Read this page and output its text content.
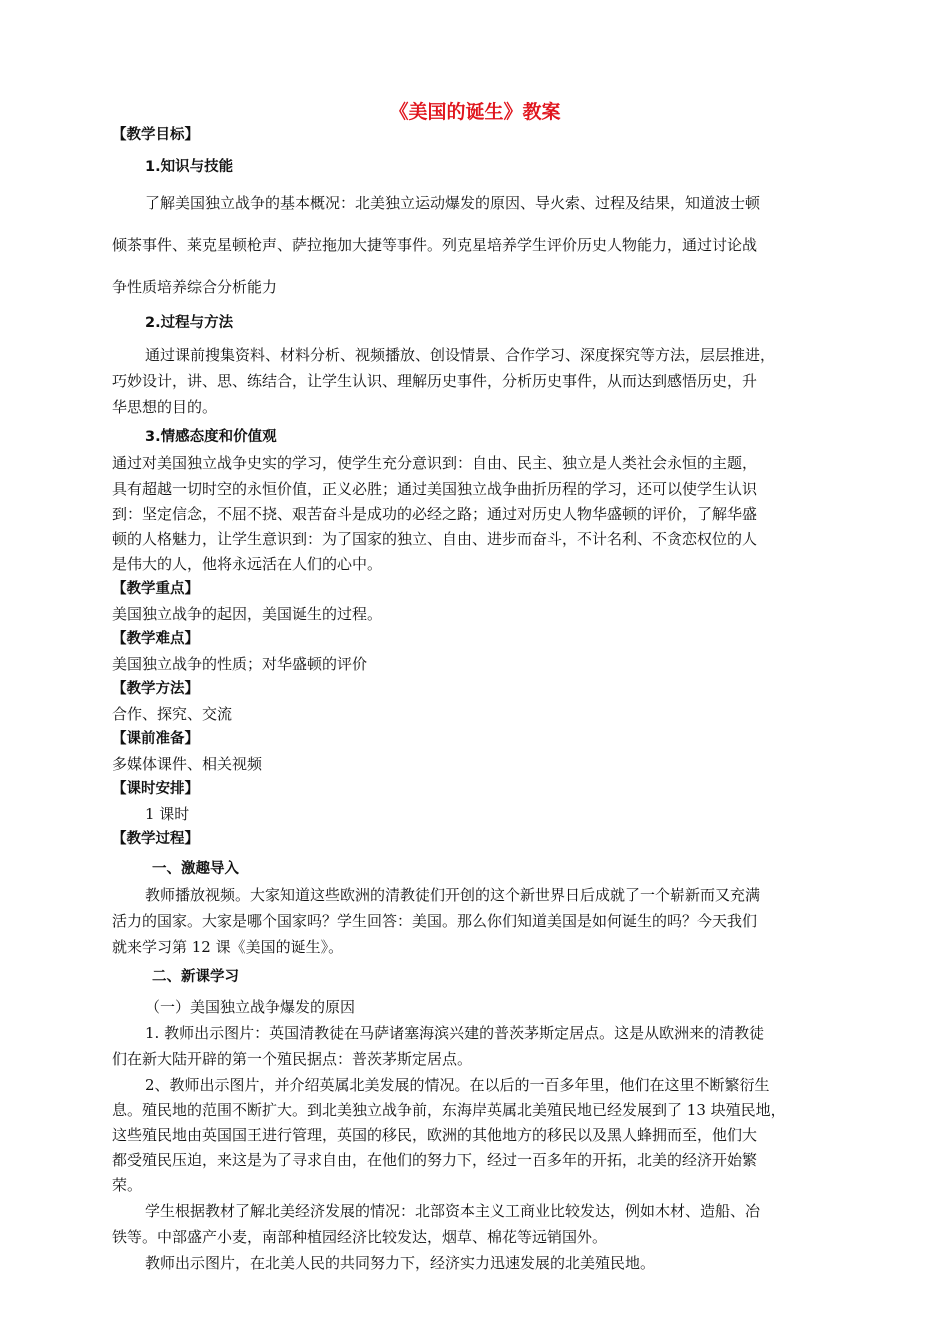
《美国的诞生》教案
【教学目标】
1.知识与技能
了解美国独立战争的基本概况：北美独立运动爆发的原因、导火索、过程及结果，知道波士顿
倾茶事件、莱克星顿枪声、萨拉拖加大捷等事件。列克星培养学生评价历史人物能力，通过讨论战
争性质培养综合分析能力
2.过程与方法
通过课前搜集资料、材料分析、视频播放、创设情景、合作学习、深度探究等方法，层层推进，
巧妙设计，讲、思、练结合，让学生认识、理解历史事件，分析历史事件，从而达到感悟历史，升
华思想的目的。
3.情感态度和价值观
通过对美国独立战争史实的学习，使学生充分意识到：自由、民主、独立是人类社会永恒的主题，
具有超越一切时空的永恒价值，正义必胜；通过美国独立战争曲折历程的学习，还可以使学生认识
到：坚定信念，不屈不挠、艰苦奋斗是成功的必经之路；通过对历史人物华盛顿的评价，了解华盛
顿的人格魅力，让学生意识到：为了国家的独立、自由、进步而奋斗，不计名利、不贪恋权位的人
是伟大的人，他将永远活在人们的心中。
【教学重点】
美国独立战争的起因，美国诞生的过程。
【教学难点】
美国独立战争的性质；对华盛顿的评价
【教学方法】
合作、探究、交流
【课前准备】
多媒体课件、相关视频
【课时安排】
1 课时
【教学过程】
一、激趣导入
教师播放视频。大家知道这些欧洲的清教徒们开创的这个新世界日后成就了一个崭新而又充满
活力的国家。大家是哪个国家吗？学生回答：美国。那么你们知道美国是如何诞生的吗？今天我们
就来学习第 12 课《美国的诞生》。
二、新课学习
（一）美国独立战争爆发的原因
1. 教师出示图片：英国清教徒在马萨诸塞海滨兴建的普茨茅斯定居点。这是从欧洲来的清教徒
们在新大陆开辟的第一个殖民据点：普茨茅斯定居点。
2、教师出示图片，并介绍英属北美发展的情况。在以后的一百多年里，他们在这里不断繁衍生
息。殖民地的范围不断扩大。到北美独立战争前，东海岸英属北美殖民地已经发展到了 13 块殖民地，
这些殖民地由英国国王进行管理，英国的移民，欧洲的其他地方的移民以及黑人蜂拥而至，他们大
都受殖民压迫，来这是为了寻求自由，在他们的努力下，经过一百多年的开拓，北美的经济开始繁
荣。
学生根据教材了解北美经济发展的情况：北部资本主义工商业比较发达，例如木材、造船、冶
铁等。中部盛产小麦，南部种植园经济比较发达，烟草、棉花等远销国外。
教师出示图片，在北美人民的共同努力下，经济实力迅速发展的北美殖民地。
